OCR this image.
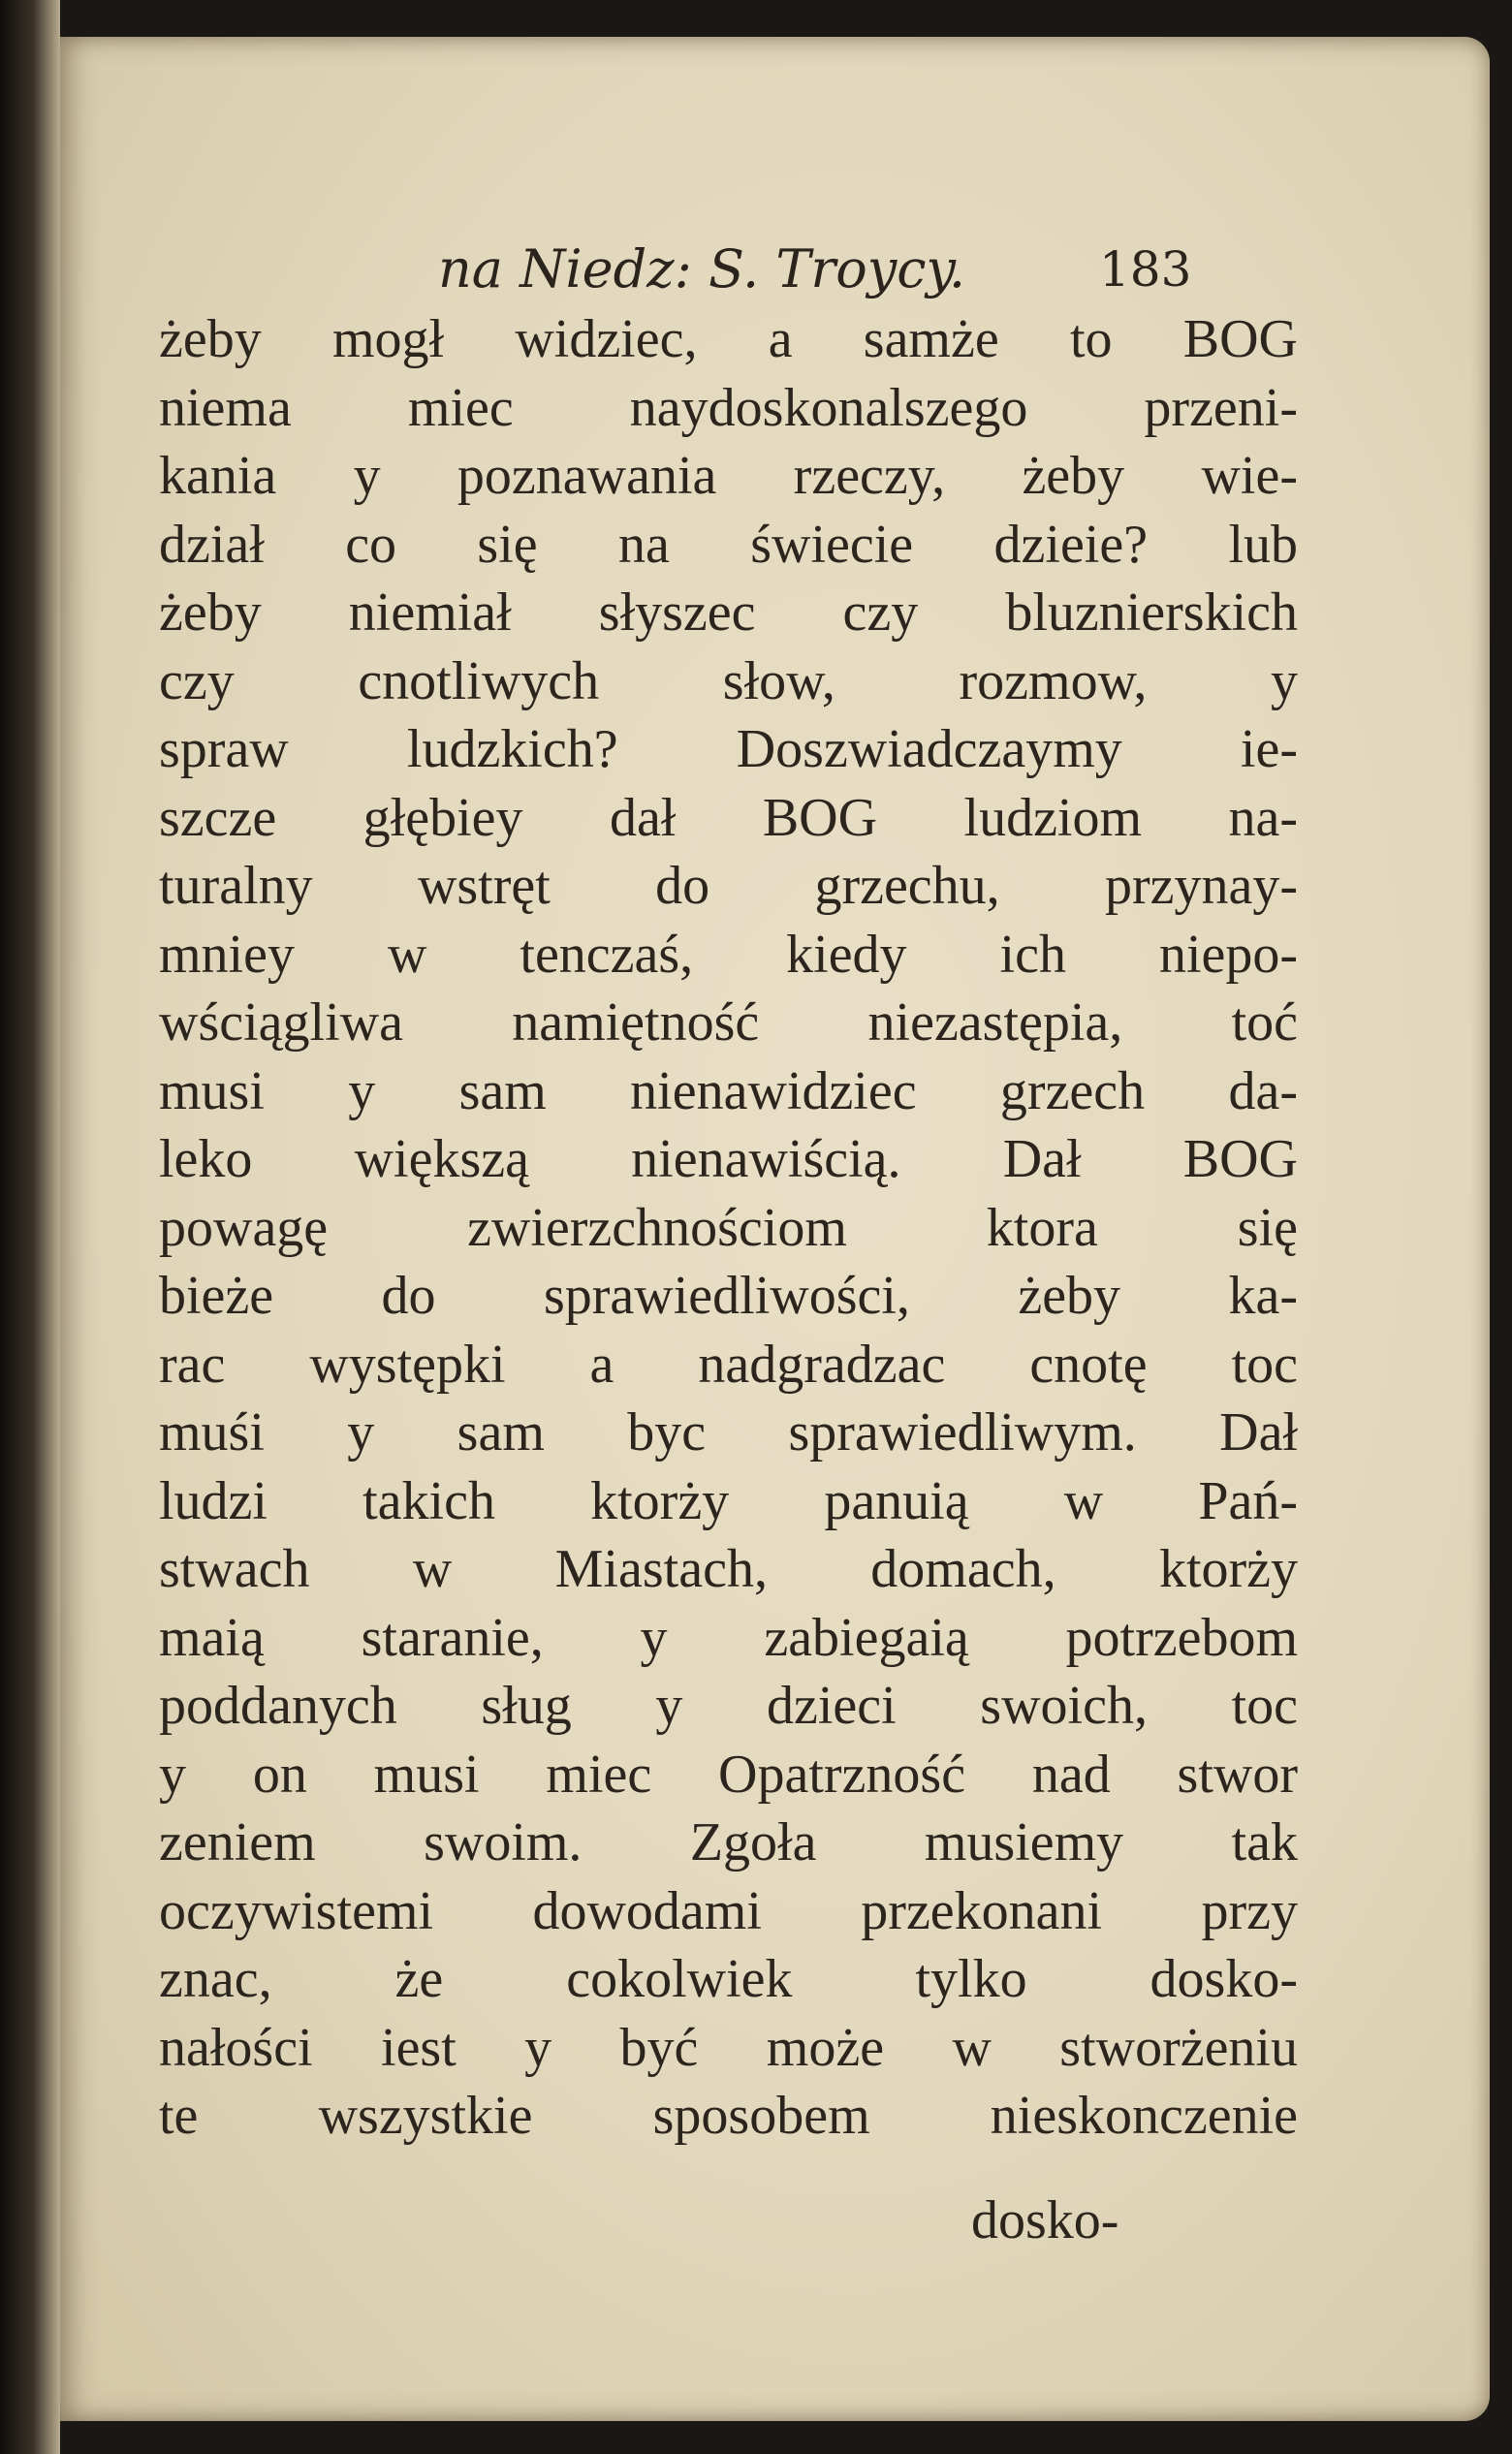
na Niedz: S. Troycy.	183
żeby mogł widziec, a samże to BOG
niema miec naydoskonalszego przeni-
kania y poznawania rzeczy, żeby wie-
dział co się na świecie dzieie? lub
żeby niemiał słyszec czy bluznierskich
czy cnotliwych słow, rozmow, y
spraw ludzkich? Doszwiadczaymy ie-
szcze głębiey dał BOG ludziom na-
turalny wstręt do grzechu, przynay-
mniey w tenczaś, kiedy ich niepo-
wściągliwa namiętność niezastępia, toć
musi y sam nienawidziec grzech da-
leko większą nienawiścią. Dał BOG
powagę zwierzchnościom ktora się
bieże do sprawiedliwości, żeby ka-
rac występki a nadgradzac cnotę toc
muśi y sam byc sprawiedliwym. Dał
ludzi takich ktorży panuią w Pań-
stwach w Miastach, domach, ktorży
maią staranie, y zabiegaią potrzebom
poddanych sług y dzieci swoich, toc
y on musi miec Opatrzność nad stwor
zeniem swoim. Zgoła musiemy tak
oczywistemi dowodami przekonani przy
znac, że cokolwiek tylko dosko-
nałości iest y być może w stworżeniu
te wszystkie sposobem nieskonczenie
dosko-
